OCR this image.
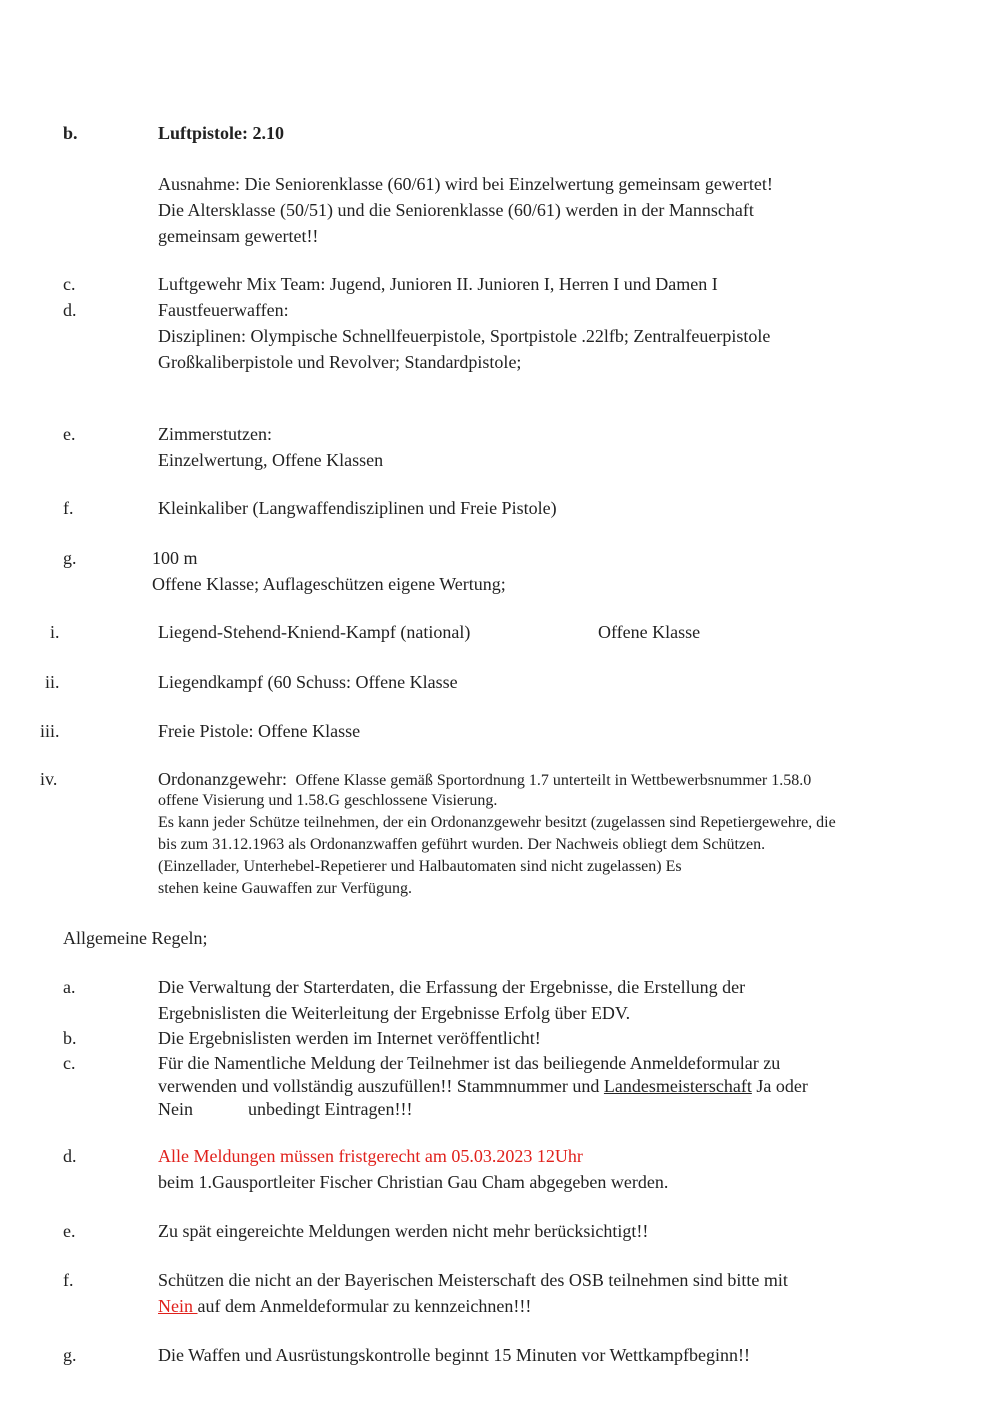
b.	Luftpistole: 2.10
Ausnahme: Die Seniorenklasse (60/61) wird bei Einzelwertung gemeinsam gewertet!
Die Altersklasse (50/51) und die Seniorenklasse (60/61) werden in der Mannschaft
gemeinsam gewertet!!
c.	Luftgewehr Mix Team: Jugend, Junioren II. Junioren I, Herren I und Damen I
d.	Faustfeuerwaffen:
Disziplinen: Olympische Schnellfeuerpistole, Sportpistole .22lfb; Zentralfeuerpistole
Großkaliberpistole und Revolver; Standardpistole;
e.	Zimmerstutzen:
Einzelwertung, Offene Klassen
f.	Kleinkaliber (Langwaffendisziplinen und Freie Pistole)
g.	100 m
Offene Klasse; Auflageschützen eigene Wertung;
i.	Liegend-Stehend-Kniend-Kampf (national)	Offene Klasse
ii.	Liegendkampf (60 Schuss: Offene Klasse
iii.	Freie Pistole: Offene Klasse
iv.	Ordonanzgewehr: Offene Klasse gemäß Sportordnung 1.7 unterteilt in Wettbewerbsnummer 1.58.0
offene Visierung und 1.58.G geschlossene Visierung.
Es kann jeder Schütze teilnehmen, der ein Ordonanzgewehr besitzt (zugelassen sind Repetiergewehre, die
bis zum 31.12.1963 als Ordonanzwaffen geführt wurden. Der Nachweis obliegt dem Schützen.
(Einzellader, Unterhebel-Repetierer und Halbautomaten sind nicht zugelassen) Es
stehen keine Gauwaffen zur Verfügung.
Allgemeine Regeln;
a.	Die Verwaltung der Starterdaten, die Erfassung der Ergebnisse, die Erstellung der
Ergebnislisten die Weiterleitung der Ergebnisse Erfolg über EDV.
b.	Die Ergebnislisten werden im Internet veröffentlicht!
c.	Für die Namentliche Meldung der Teilnehmer ist das beiliegende Anmeldeformular zu
verwenden und vollständig auszufüllen!! Stammnummer und Landesmeisterschaft Ja oder
Nein	unbedingt Eintragen!!!
d.	Alle Meldungen müssen fristgerecht am 05.03.2023 12Uhr
beim 1.Gausportleiter Fischer Christian Gau Cham abgegeben werden.
e.	Zu spät eingereichte Meldungen werden nicht mehr berücksichtigt!!
f.	Schützen die nicht an der Bayerischen Meisterschaft des OSB teilnehmen sind bitte mit
Nein auf dem Anmeldeformular zu kennzeichnen!!!
g.	Die Waffen und Ausrüstungskontrolle beginnt 15 Minuten vor Wettkampfbeginn!!
